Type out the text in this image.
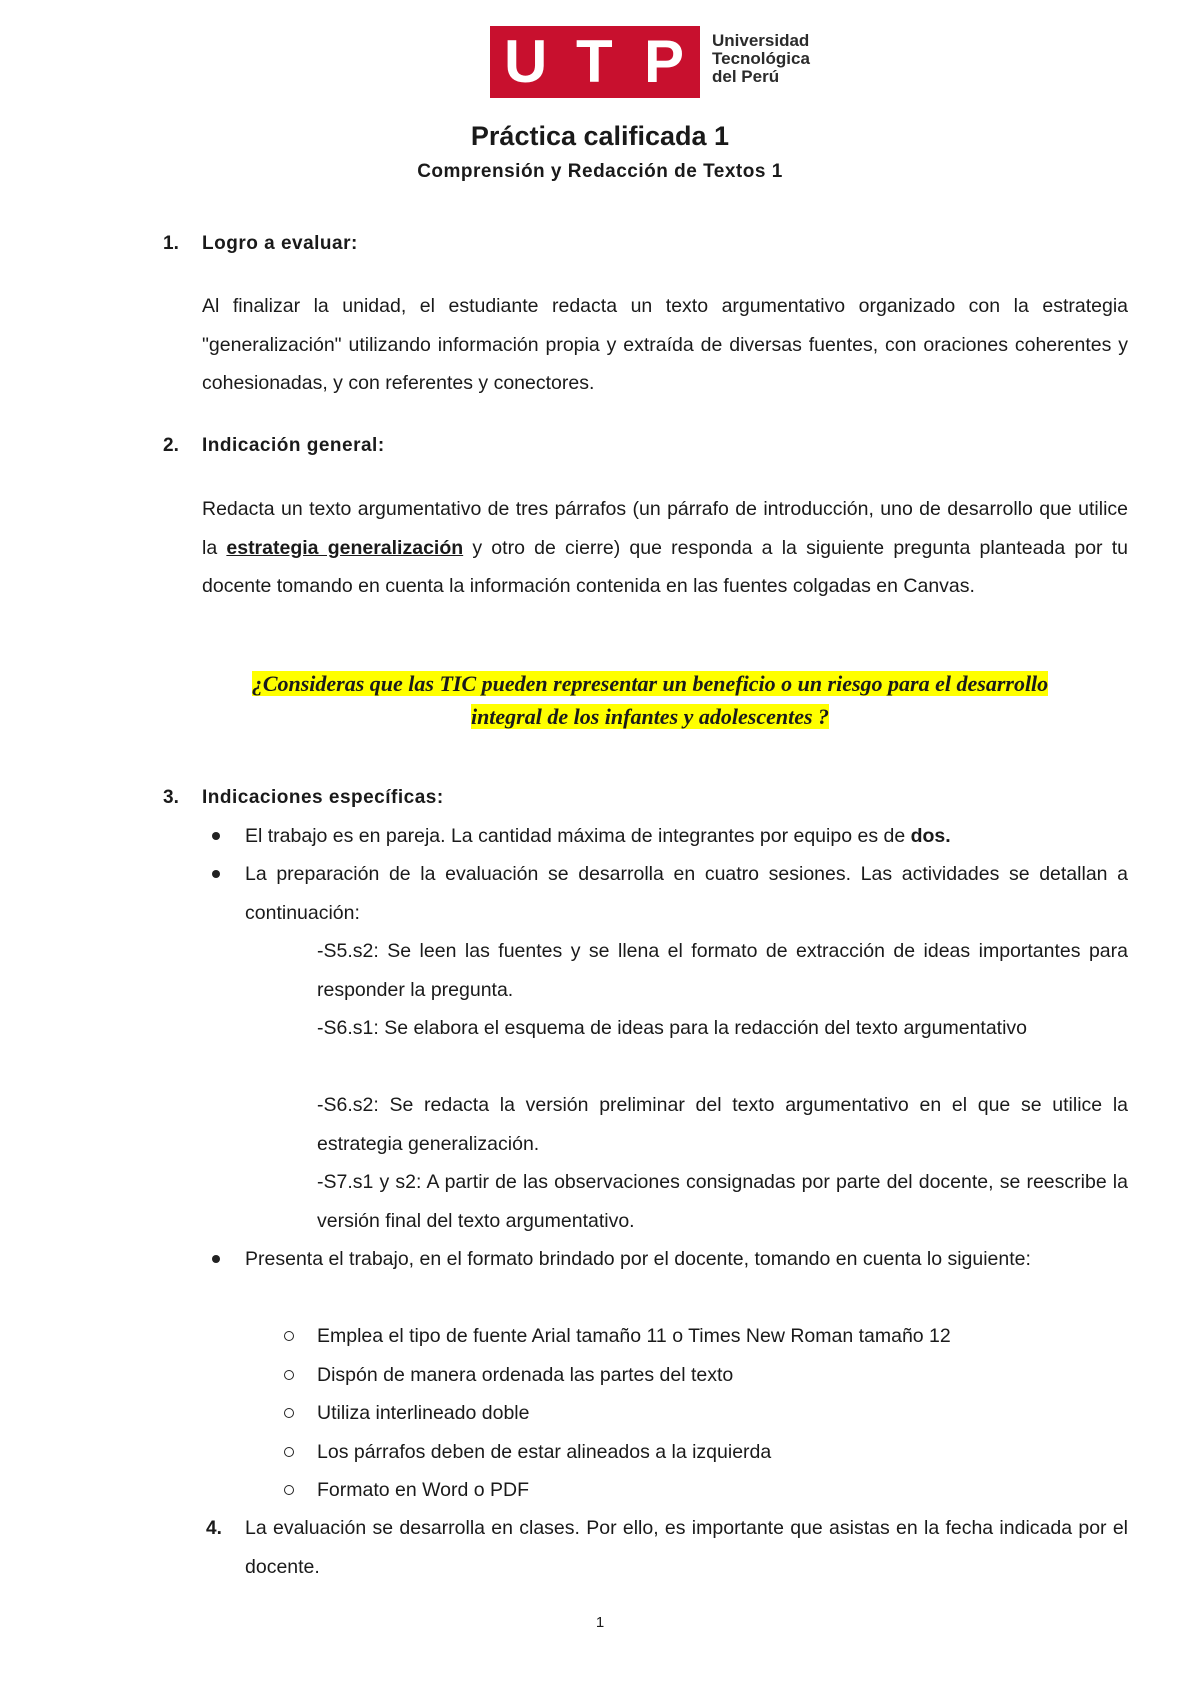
U T P Universidad
Tecnológica
del Perú
Práctica calificada 1
Comprensión y Redacción de Textos 1
1. Logro a evaluar:
Al finalizar la unidad, el estudiante redacta un texto argumentativo organizado con la estrategia "generalización" utilizando información propia y extraída de diversas fuentes, con oraciones coherentes y cohesionadas, y con referentes y conectores.
2. Indicación general:
Redacta un texto argumentativo de tres párrafos (un párrafo de introducción, uno de desarrollo que utilice la estrategia generalización y otro de cierre) que responda a la siguiente pregunta planteada por tu docente tomando en cuenta la información contenida en las fuentes colgadas en Canvas.
¿Consideras que las TIC pueden representar un beneficio o un riesgo para el desarrollo
integral de los infantes y adolescentes ?
3. Indicaciones específicas:
El trabajo es en pareja. La cantidad máxima de integrantes por equipo es de dos.
La preparación de la evaluación se desarrolla en cuatro sesiones. Las actividades se detallan a continuación:
-S5.s2: Se leen las fuentes y se llena el formato de extracción de ideas importantes para responder la pregunta.
-S6.s1: Se elabora el esquema de ideas para la redacción del texto argumentativo
-S6.s2: Se redacta la versión preliminar del texto argumentativo en el que se utilice la estrategia generalización.
-S7.s1 y s2: A partir de las observaciones consignadas por parte del docente, se reescribe la versión final del texto argumentativo.
Presenta el trabajo, en el formato brindado por el docente, tomando en cuenta lo siguiente:
Emplea el tipo de fuente Arial tamaño 11 o Times New Roman tamaño 12
Dispón de manera ordenada las partes del texto
Utiliza interlineado doble
Los párrafos deben de estar alineados a la izquierda
Formato en Word o PDF
4. La evaluación se desarrolla en clases. Por ello, es importante que asistas en la fecha indicada por el docente.
1
